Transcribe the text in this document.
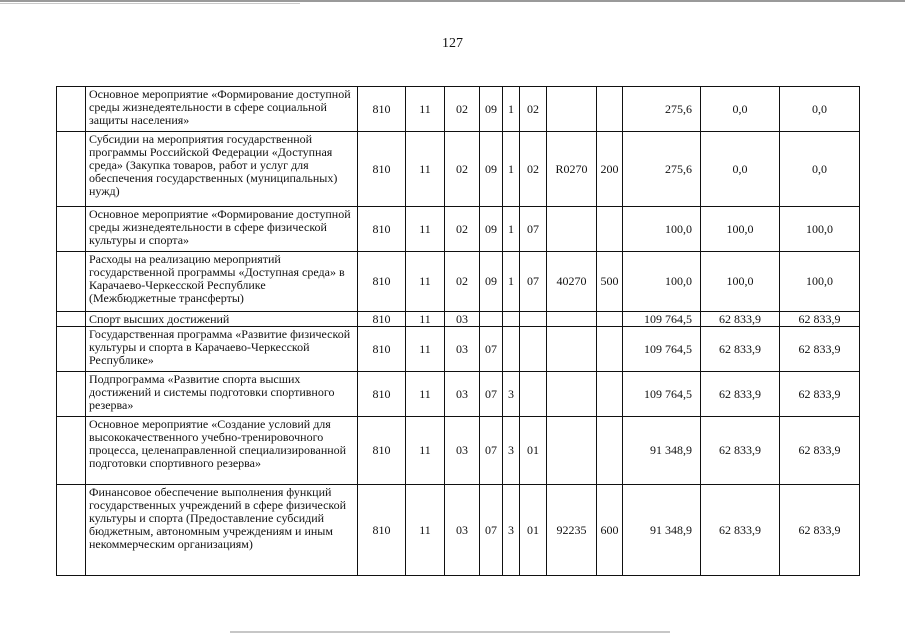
127
	Основное мероприятие «Формирование доступной среды жизнедеятельности в сфере социальной защиты населения»	810	11	02	09	1	02			275,6	0,0	0,0
	Субсидии на мероприятия государственной программы Российской Федерации «Доступная среда» (Закупка товаров, работ и услуг для обеспечения государственных (муниципальных) нужд)	810	11	02	09	1	02	R0270	200	275,6	0,0	0,0
	Основное мероприятие «Формирование доступной среды жизнедеятельности в сфере физической культуры и спорта»	810	11	02	09	1	07			100,0	100,0	100,0
	Расходы на реализацию мероприятий государственной программы «Доступная среда» в Карачаево-Черкесской Республике (Межбюджетные трансферты)	810	11	02	09	1	07	40270	500	100,0	100,0	100,0
	Спорт высших достижений	810	11	03						109 764,5	62 833,9	62 833,9
	Государственная программа «Развитие физической культуры и спорта в Карачаево-Черкесской Республике»	810	11	03	07					109 764,5	62 833,9	62 833,9
	Подпрограмма «Развитие спорта высших достижений и системы подготовки спортивного резерва»	810	11	03	07	3				109 764,5	62 833,9	62 833,9
	Основное мероприятие «Создание условий для высококачественного учебно-тренировочного процесса, целенаправленной специализированной подготовки спортивного резерва»	810	11	03	07	3	01			91 348,9	62 833,9	62 833,9
	Финансовое обеспечение выполнения функций государственных учреждений в сфере физической культуры и спорта (Предоставление субсидий бюджетным, автономным учреждениям и иным некоммерческим организациям)	810	11	03	07	3	01	92235	600	91 348,9	62 833,9	62 833,9
